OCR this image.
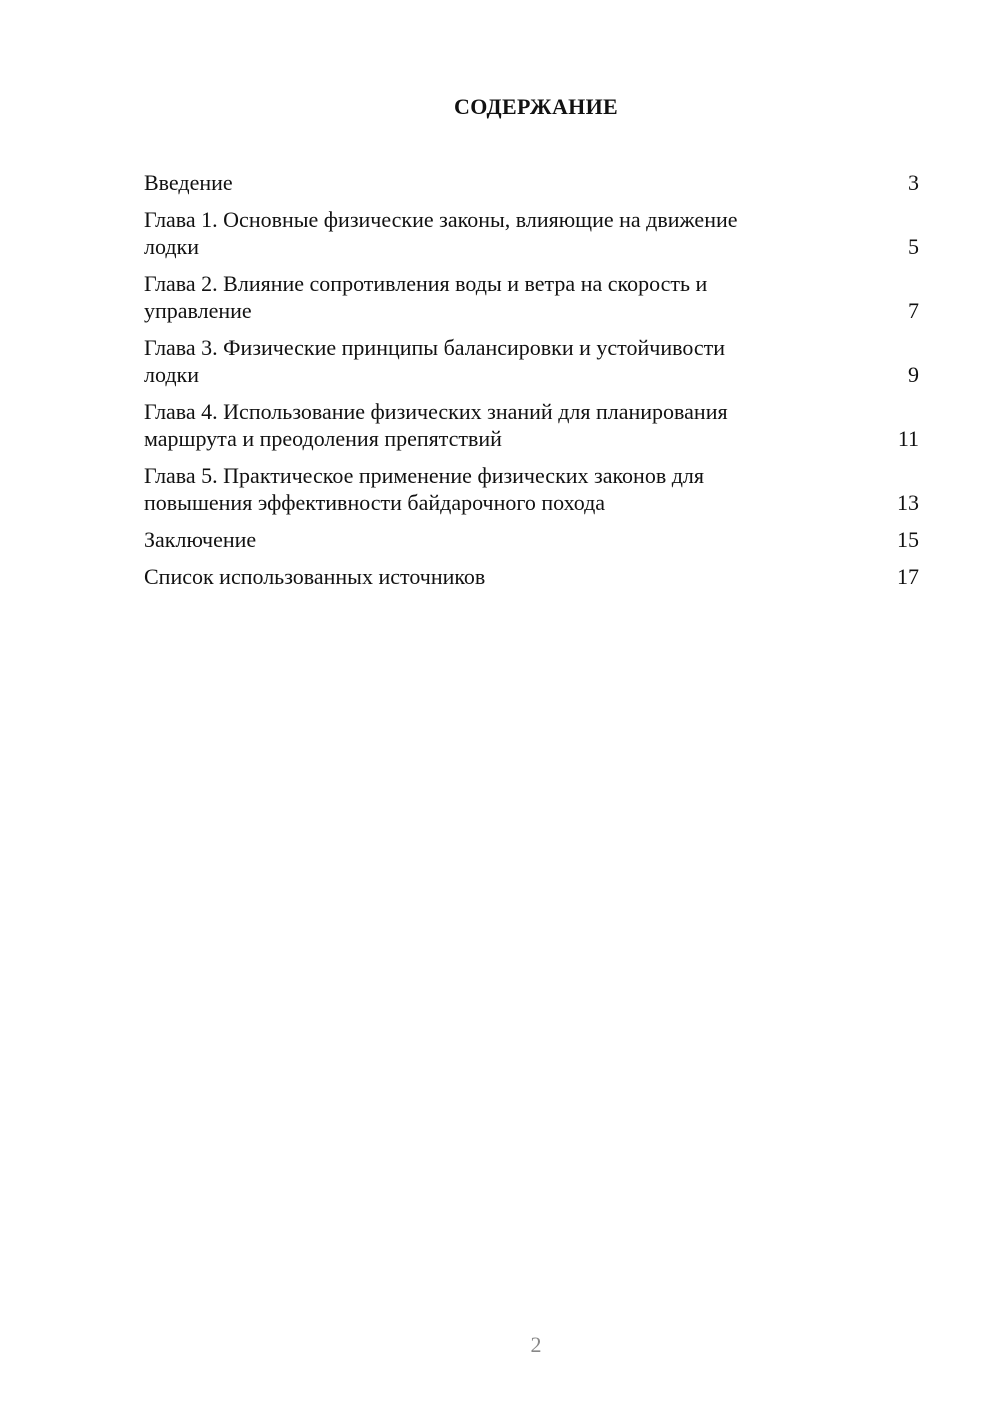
СОДЕРЖАНИЕ
Введение	3
Глава 1. Основные физические законы, влияющие на движение
лодки	5
Глава 2. Влияние сопротивления воды и ветра на скорость и
управление	7
Глава 3. Физические принципы балансировки и устойчивости
лодки	9
Глава 4. Использование физических знаний для планирования
маршрута и преодоления препятствий	11
Глава 5. Практическое применение физических законов для
повышения эффективности байдарочного похода	13
Заключение	15
Список использованных источников	17
2
